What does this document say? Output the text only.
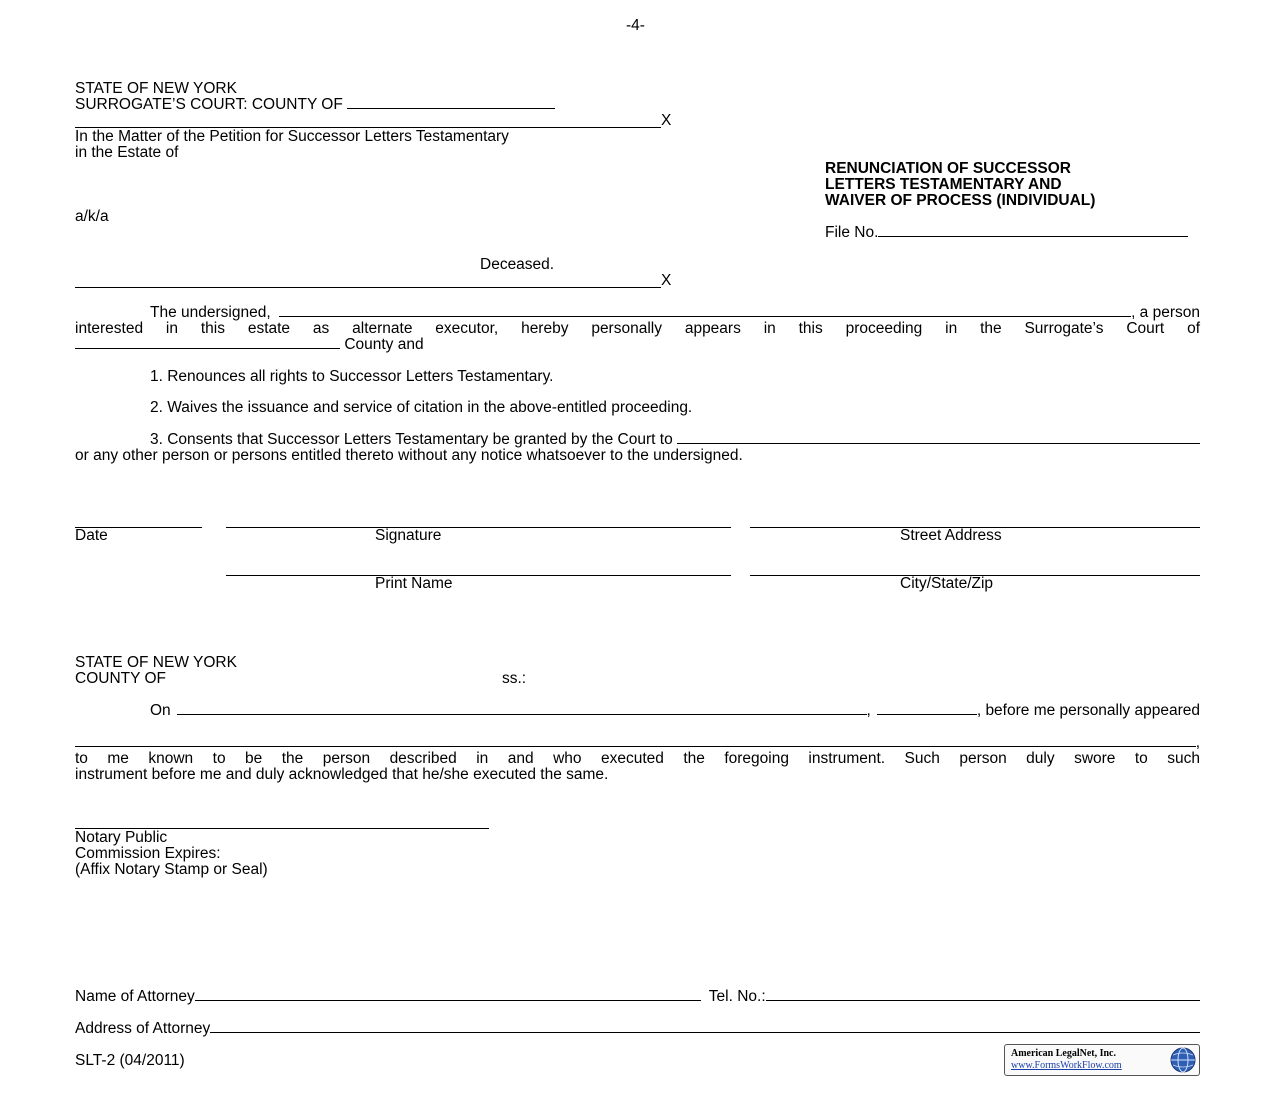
-4-
STATE OF NEW YORK
SURROGATE’S COURT: COUNTY OF
X
In the Matter of the Petition for Successor Letters Testamentary
in the Estate of
a/k/a
Deceased.
X
RENUNCIATION OF SUCCESSOR
LETTERS TESTAMENTARY AND
WAIVER OF PROCESS (INDIVIDUAL)
File No.
The undersigned,	, a person
interested in this estate as alternate executor, hereby personally appears in this proceeding in the Surrogate’s Court of
County and
1. Renounces all rights to Successor Letters Testamentary.
2. Waives the issuance and service of citation in the above-entitled proceeding.
3. Consents that Successor Letters Testamentary be granted by the Court to
or any other person or persons entitled thereto without any notice whatsoever to the undersigned.
Date	Signature	Street Address
Print Name	City/State/Zip
STATE OF NEW YORK
COUNTY OF	ss.:
On	,	, before me personally appeared
,
to me known to be the person described in and who executed the foregoing instrument. Such person duly swore to such
instrument before me and duly acknowledged that he/she executed the same.
Notary Public
Commission Expires:
(Affix Notary Stamp or Seal)
Name of Attorney	Tel. No.:
Address of Attorney
SLT-2 (04/2011)	American LegalNet, Inc.
www.FormsWorkFlow.com
